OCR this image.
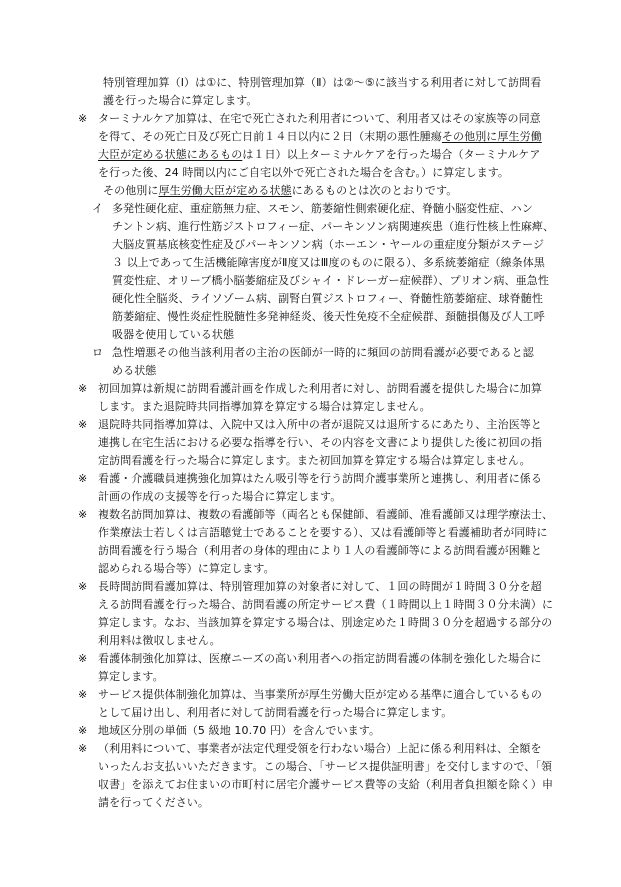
特別管理加算（Ⅰ）は①に、特別管理加算（Ⅱ）は②〜⑤に該当する利用者に対して訪問看
護を行った場合に算定します。
※ ターミナルケア加算は、在宅で死亡された利用者について、利用者又はその家族等の同意
を得て、その死亡日及び死亡日前１４日以内に２日（末期の悪性腫瘍その他別に厚生労働
大臣が定める状態にあるものは１日）以上ターミナルケアを行った場合（ターミナルケア
を行った後、24 時間以内にご自宅以外で死亡された場合を含む。）に算定します。
その他別に厚生労働大臣が定める状態にあるものとは次のとおりです。
イ 多発性硬化症、重症筋無力症、スモン、筋萎縮性側索硬化症、脊髄小脳変性症、ハン
チントン病、進行性筋ジストロフィー症、パーキンソン病関連疾患（進行性核上性麻痺、
大脳皮質基底核変性症及びパーキンソン病（ホーエン・ヤールの重症度分類がステージ
３ 以上であって生活機能障害度がⅡ度又はⅢ度のものに限る）、多系統萎縮症（線条体黒
質変性症、オリーブ橋小脳萎縮症及びシャイ・ドレーガー症候群）、プリオン病、亜急性
硬化性全脳炎、ライソゾーム病、副腎白質ジストロフィー、脊髄性筋萎縮症、球脊髄性
筋萎縮症、慢性炎症性脱髄性多発神経炎、後天性免疫不全症候群、頚髄損傷及び人工呼
吸器を使用している状態
ロ 急性増悪その他当該利用者の主治の医師が一時的に頻回の訪問看護が必要であると認
める状態
※ 初回加算は新規に訪問看護計画を作成した利用者に対し、訪問看護を提供した場合に加算
します。また退院時共同指導加算を算定する場合は算定しません。
※ 退院時共同指導加算は、入院中又は入所中の者が退院又は退所するにあたり、主治医等と
連携し在宅生活における必要な指導を行い、その内容を文書により提供した後に初回の指
定訪問看護を行った場合に算定します。また初回加算を算定する場合は算定しません。
※ 看護・介護職員連携強化加算はたん吸引等を行う訪問介護事業所と連携し、利用者に係る
計画の作成の支援等を行った場合に算定します。
※ 複数名訪問加算は、複数の看護師等（両名とも保健師、看護師、准看護師又は理学療法士、
作業療法士若しくは言語聴覚士であることを要する）、又は看護師等と看護補助者が同時に
訪問看護を行う場合（利用者の身体的理由により１人の看護師等による訪問看護が困難と
認められる場合等）に算定します。
※ 長時間訪問看護加算は、特別管理加算の対象者に対して、１回の時間が１時間３０分を超
える訪問看護を行った場合、訪問看護の所定サービス費（１時間以上１時間３０分未満）に
算定します。なお、当該加算を算定する場合は、別途定めた１時間３０分を超過する部分の
利用料は徴収しません。
※ 看護体制強化加算は、医療ニーズの高い利用者への指定訪問看護の体制を強化した場合に
算定します。
※ サービス提供体制強化加算は、当事業所が厚生労働大臣が定める基準に適合しているもの
として届け出し、利用者に対して訪問看護を行った場合に算定します。
※ 地域区分別の単価（5 級地 10.70 円）を含んでいます。
※ （利用料について、事業者が法定代理受領を行わない場合）上記に係る利用料は、全額を
いったんお支払いいただきます。この場合、「サービス提供証明書」を交付しますので、「領
収書」を添えてお住まいの市町村に居宅介護サービス費等の支給（利用者負担額を除く）申
請を行ってください。
